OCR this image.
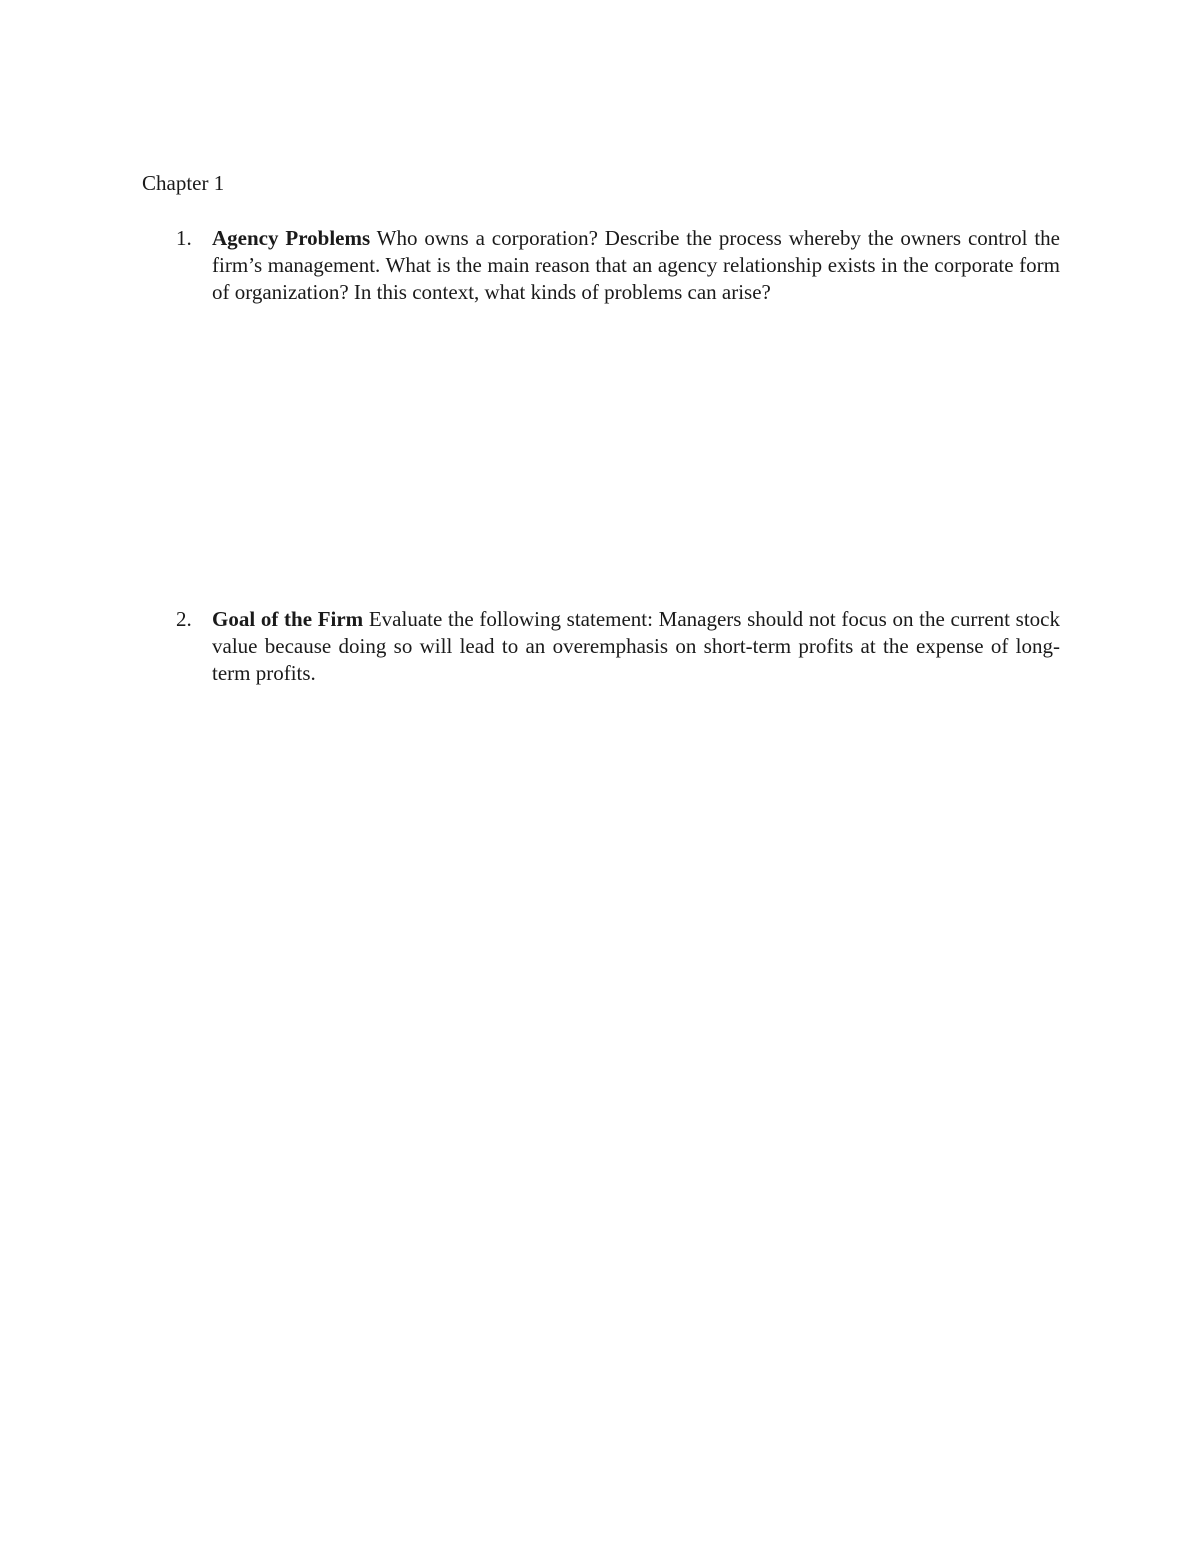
Chapter 1
1. Agency Problems Who owns a corporation? Describe the process whereby the owners control the firm’s management. What is the main reason that an agency relationship exists in the corporate form of organization? In this context, what kinds of problems can arise?
2. Goal of the Firm Evaluate the following statement: Managers should not focus on the current stock value because doing so will lead to an overemphasis on short-term profits at the expense of long-term profits.
